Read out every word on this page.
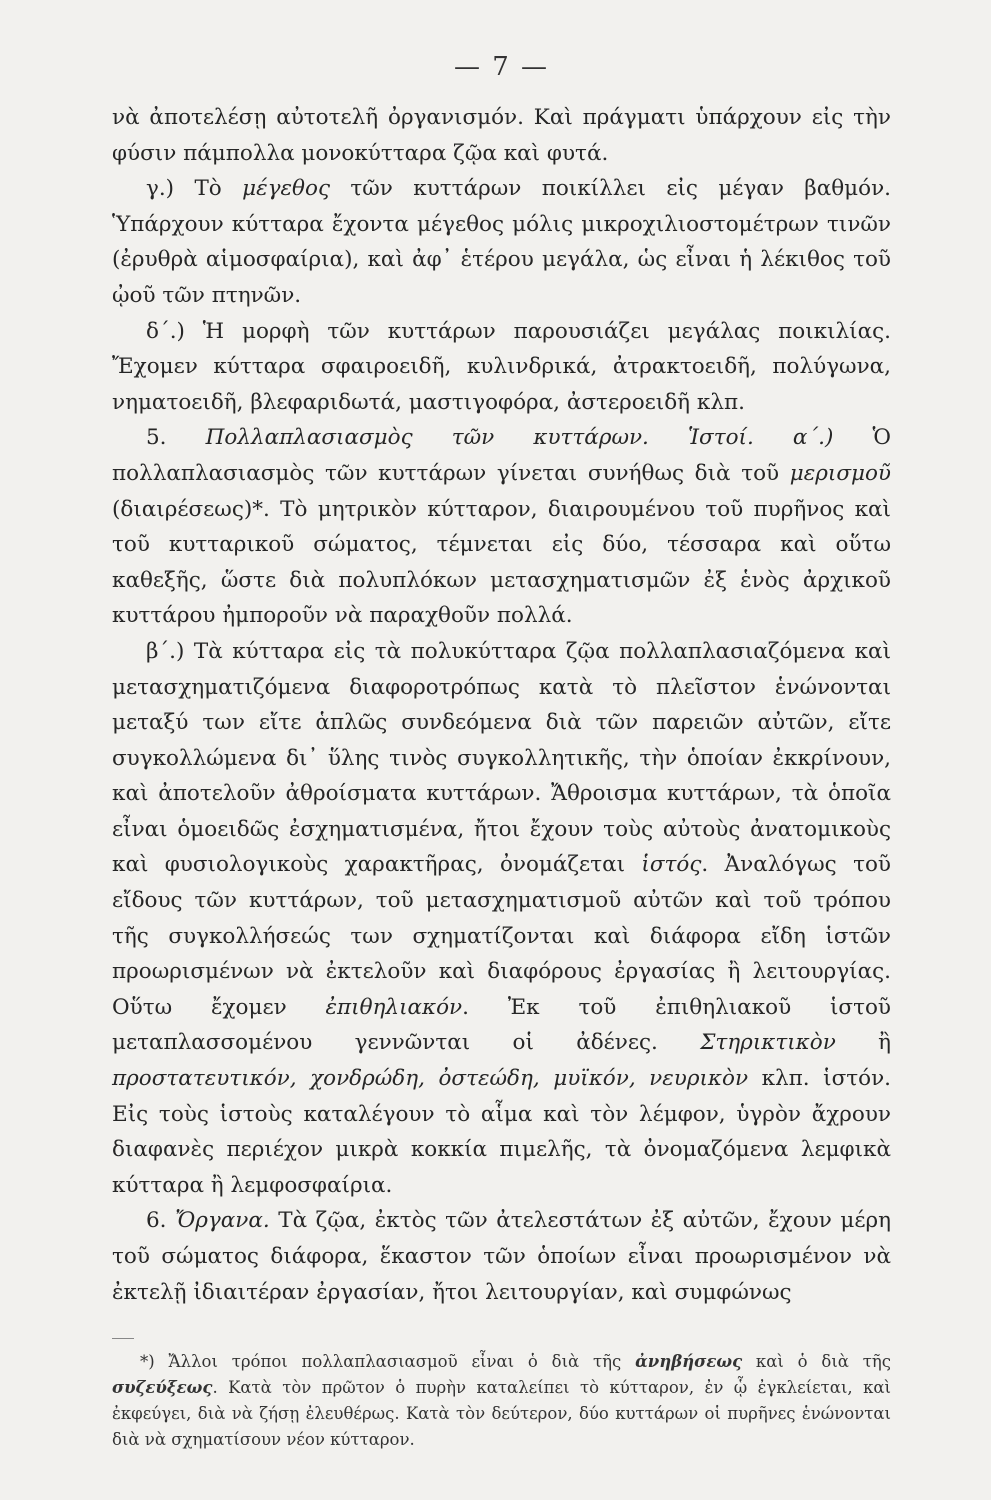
— 7 —

νὰ ἀποτελέσῃ αὐτοτελῆ ὀργανισμόν. Καὶ πράγματι ὑπάρχουν εἰς τὴν φύσιν πάμπολλα μονοκύτταρα ζῷα καὶ φυτά.

γ.) Τὸ μέγεθος τῶν κυττάρων ποικίλλει εἰς μέγαν βαθμόν. Ὑπάρχουν κύτταρα ἔχοντα μέγεθος μόλις μικροχιλιοστομέτρων τινῶν (ἐρυθρὰ αἱμοσφαίρια), καὶ ἀφ᾽ ἑτέρου μεγάλα, ὡς εἶναι ἡ λέκιθος τοῦ ᾠοῦ τῶν πτηνῶν.

δ΄.) Ἡ μορφὴ τῶν κυττάρων παρουσιάζει μεγάλας ποικιλίας. Ἔχομεν κύτταρα σφαιροειδῆ, κυλινδρικά, ἀτρακτοειδῆ, πολύγωνα, νηματοειδῆ, βλεφαριδωτά, μαστιγοφόρα, ἀστεροειδῆ κλπ.

5. Πολλαπλασιασμὸς τῶν κυττάρων. Ἱστοί. α΄.) Ὁ πολλαπλασιασμὸς τῶν κυττάρων γίνεται συνήθως διὰ τοῦ μερισμοῦ (διαιρέσεως)*. Τὸ μητρικὸν κύτταρον, διαιρουμένου τοῦ πυρῆνος καὶ τοῦ κυτταρικοῦ σώματος, τέμνεται εἰς δύο, τέσσαρα καὶ οὕτω καθεξῆς, ὥστε διὰ πολυπλόκων μετασχηματισμῶν ἐξ ἑνὸς ἀρχικοῦ κυττάρου ἠμποροῦν νὰ παραχθοῦν πολλά.

β΄.) Τὰ κύτταρα εἰς τὰ πολυκύτταρα ζῷα πολλαπλασιαζόμενα καὶ μετασχηματιζόμενα διαφοροτρόπως κατὰ τὸ πλεῖστον ἑνώνονται μεταξύ των εἴτε ἁπλῶς συνδεόμενα διὰ τῶν παρειῶν αὐτῶν, εἴτε συγκολλώμενα δι᾽ ὕλης τινὸς συγκολλητικῆς, τὴν ὁποίαν ἐκκρίνουν, καὶ ἀποτελοῦν ἀθροίσματα κυττάρων. Ἄθροισμα κυττάρων, τὰ ὁποῖα εἶναι ὁμοειδῶς ἐσχηματισμένα, ἤτοι ἔχουν τοὺς αὐτοὺς ἀνατομικοὺς καὶ φυσιολογικοὺς χαρακτῆρας, ὀνομάζεται ἱστός. Ἀναλόγως τοῦ εἴδους τῶν κυττάρων, τοῦ μετασχηματισμοῦ αὐτῶν καὶ τοῦ τρόπου τῆς συγκολλήσεώς των σχηματίζονται καὶ διάφορα εἴδη ἱστῶν προωρισμένων νὰ ἐκτελοῦν καὶ διαφόρους ἐργασίας ἢ λειτουργίας. Οὕτω ἔχομεν ἐπιθηλιακόν. Ἐκ τοῦ ἐπιθηλιακοῦ ἱστοῦ μεταπλασσομένου γεννῶνται οἱ ἀδένες. Στηρικτικὸν ἢ προστατευτικόν, χονδρώδη, ὀστεώδη, μυϊκόν, νευρικὸν κλπ. ἱστόν. Εἰς τοὺς ἱστοὺς καταλέγουν τὸ αἷμα καὶ τὸν λέμφον, ὑγρὸν ἄχρουν διαφανὲς περιέχον μικρὰ κοκκία πιμελῆς, τὰ ὀνομαζόμενα λεμφικὰ κύτταρα ἢ λεμφοσφαίρια.

6. Ὄργανα. Τὰ ζῷα, ἐκτὸς τῶν ἀτελεστάτων ἐξ αὐτῶν, ἔχουν μέρη τοῦ σώματος διάφορα, ἕκαστον τῶν ὁποίων εἶναι προωρισμένον νὰ ἐκτελῇ ἰδιαιτέραν ἐργασίαν, ἤτοι λειτουργίαν, καὶ συμφώνως

*) Ἄλλοι τρόποι πολλαπλασιασμοῦ εἶναι ὁ διὰ τῆς ἀνηβήσεως καὶ ὁ διὰ τῆς συζεύξεως. Κατὰ τὸν πρῶτον ὁ πυρὴν καταλείπει τὸ κύτταρον, ἐν ᾧ ἐγκλείεται, καὶ ἐκφεύγει, διὰ νὰ ζήσῃ ἐλευθέρως. Κατὰ τὸν δεύτερον, δύο κυττάρων οἱ πυρῆνες ἑνώνονται διὰ νὰ σχηματίσουν νέον κύτταρον.
